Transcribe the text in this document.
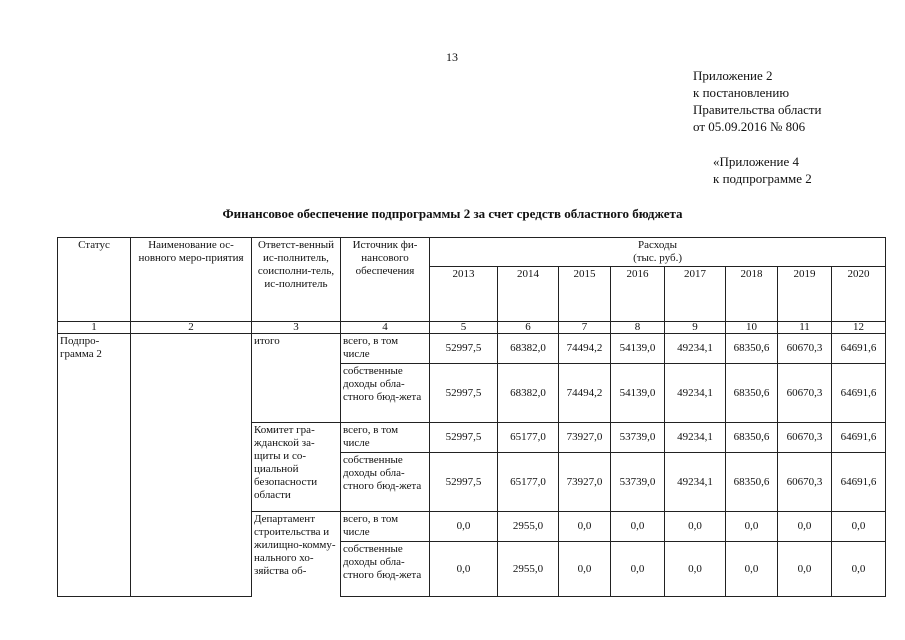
13
Приложение 2
к постановлению
Правительства области
от 05.09.2016 № 806
«Приложение 4
к подпрограмме 2
Финансовое обеспечение подпрограммы 2 за счет средств областного бюджета
Статус	Наименование ос-новного меро-приятия	Ответст-венный ис-полнитель, соисполни-тель, ис-полнитель	Источник фи-нансового обеспечения	Расходы
(тыс. руб.)							

				2013	2014	2015	2016	2017	2018	2019	2020
1	2	3	4	5	6	7	8	9	10	11	12
Подпро-грамма 2		итого	всего, в том числе	52997,5	68382,0	74494,2	54139,0	49234,1	68350,6	60670,3	64691,6
			собственные доходы обла-стного бюд-жета	52997,5	68382,0	74494,2	54139,0	49234,1	68350,6	60670,3	64691,6
		Комитет гра-жданской за-щиты и со-циальной безопасности области	всего, в том числе	52997,5	65177,0	73927,0	53739,0	49234,1	68350,6	60670,3	64691,6
			собственные доходы обла-стного бюд-жета	52997,5	65177,0	73927,0	53739,0	49234,1	68350,6	60670,3	64691,6
		Департамент строительства и жилищно-комму-нального хо-зяйства об-	всего, в том числе	0,0	2955,0	0,0	0,0	0,0	0,0	0,0	0,0
			собственные доходы обла-стного бюд-жета	0,0	2955,0	0,0	0,0	0,0	0,0	0,0	0,0
